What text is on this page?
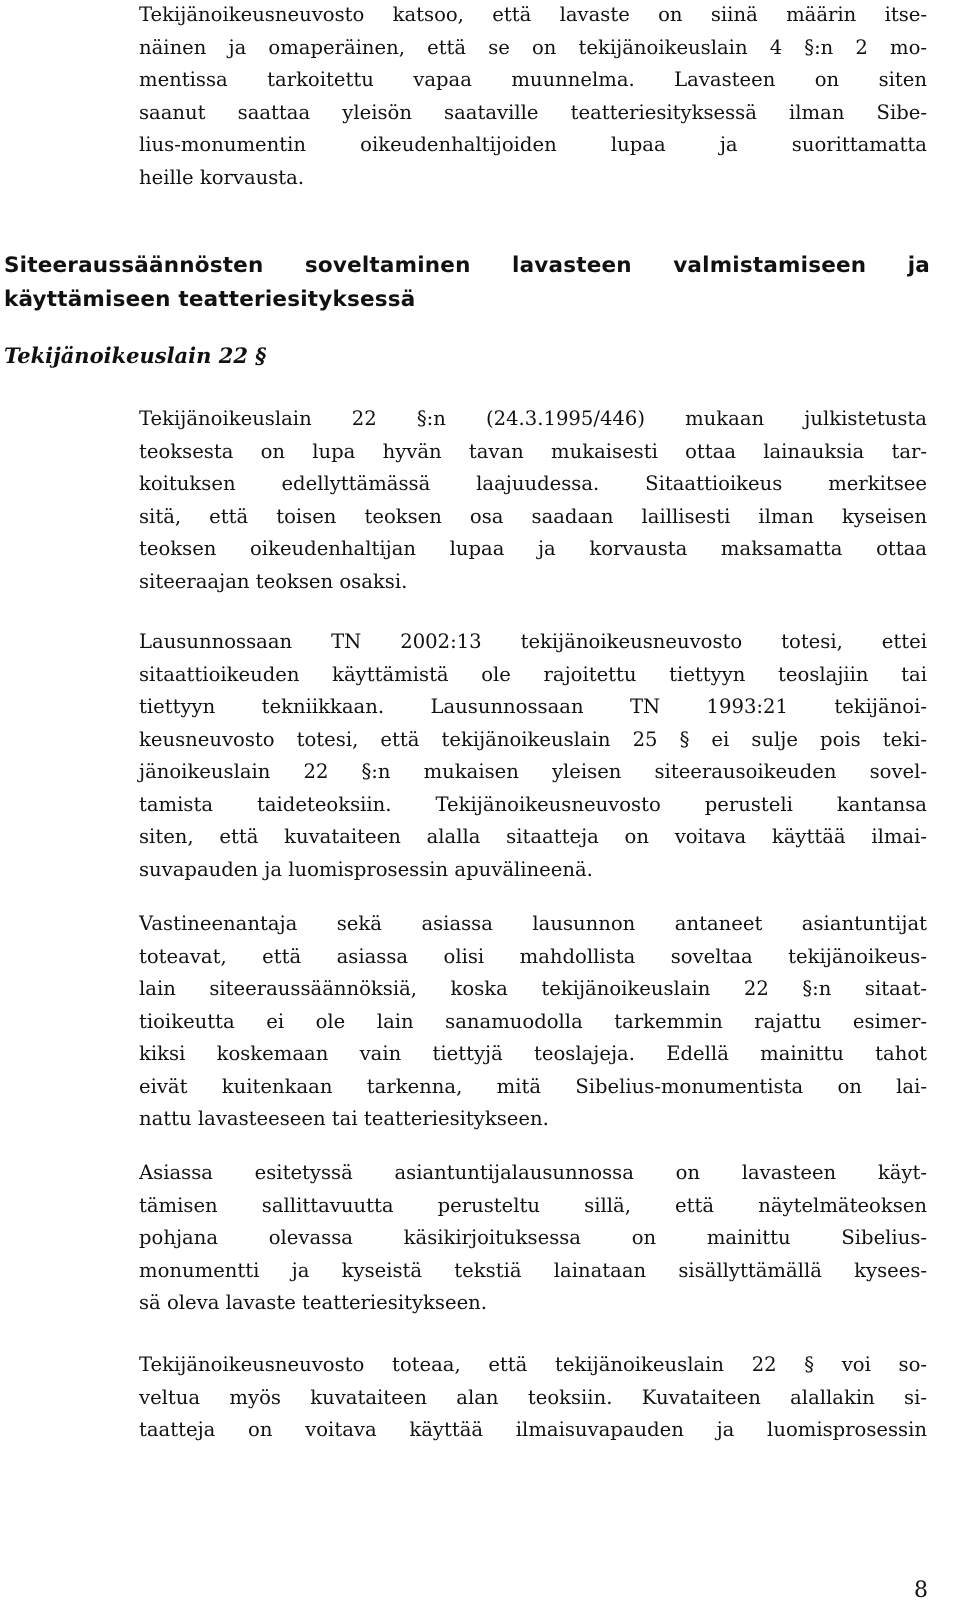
Tekijänoikeusneuvosto katsoo, että lavaste on siinä määrin itse-
näinen ja omaperäinen, että se on tekijänoikeuslain 4 §:n 2 mo-
mentissa tarkoitettu vapaa muunnelma. Lavasteen on siten
saanut saattaa yleisön saataville teatteriesityksessä ilman Sibe-
lius-monumentin oikeudenhaltijoiden lupaa ja suorittamatta
heille korvausta.

Siteeraussäännösten soveltaminen lavasteen valmistamiseen ja
käyttämiseen teatteriesityksessä
Tekijänoikeuslain 22 §

Tekijänoikeuslain 22 §:n (24.3.1995/446) mukaan julkistetusta
teoksesta on lupa hyvän tavan mukaisesti ottaa lainauksia tar-
koituksen edellyttämässä laajuudessa. Sitaattioikeus merkitsee
sitä, että toisen teoksen osa saadaan laillisesti ilman kyseisen
teoksen oikeudenhaltijan lupaa ja korvausta maksamatta ottaa
siteeraajan teoksen osaksi.

Lausunnossaan TN 2002:13 tekijänoikeusneuvosto totesi, ettei
sitaattioikeuden käyttämistä ole rajoitettu tiettyyn teoslajiin tai
tiettyyn tekniikkaan. Lausunnossaan TN 1993:21 tekijänoi-
keusneuvosto totesi, että tekijänoikeuslain 25 § ei sulje pois teki-
jänoikeuslain 22 §:n mukaisen yleisen siteerausoikeuden sovel-
tamista taideteoksiin. Tekijänoikeusneuvosto perusteli kantansa
siten, että kuvataiteen alalla sitaatteja on voitava käyttää ilmai-
suvapauden ja luomisprosessin apuvälineenä.

Vastineenantaja sekä asiassa lausunnon antaneet asiantuntijat
toteavat, että asiassa olisi mahdollista soveltaa tekijänoikeus-
lain siteeraussäännöksiä, koska tekijänoikeuslain 22 §:n sitaat-
tioikeutta ei ole lain sanamuodolla tarkemmin rajattu esimer-
kiksi koskemaan vain tiettyjä teoslajeja. Edellä mainittu tahot
eivät kuitenkaan tarkenna, mitä Sibelius-monumentista on lai-
nattu lavasteeseen tai teatteriesitykseen.

Asiassa esitetyssä asiantuntijalausunnossa on lavasteen käyt-
tämisen sallittavuutta perusteltu sillä, että näytelmäteoksen
pohjana olevassa käsikirjoituksessa on mainittu Sibelius-
monumentti ja kyseistä tekstiä lainataan sisällyttämällä kysees-
sä oleva lavaste teatteriesitykseen.

Tekijänoikeusneuvosto toteaa, että tekijänoikeuslain 22 § voi so-
veltua myös kuvataiteen alan teoksiin. Kuvataiteen alallakin si-
taatteja on voitava käyttää ilmaisuvapauden ja luomisprosessin

8
